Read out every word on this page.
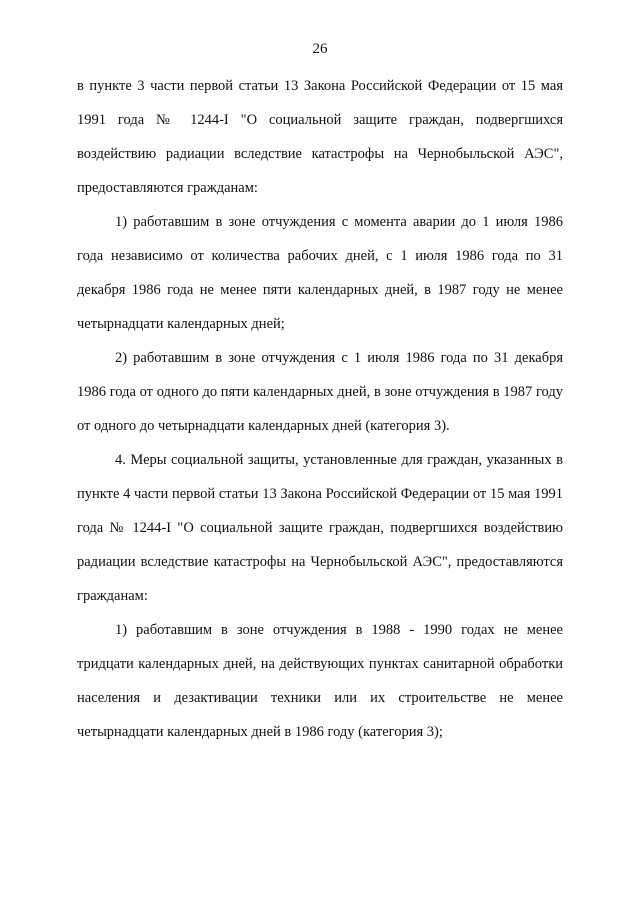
26

в пункте 3 части первой статьи 13 Закона Российской Федерации от 15 мая 1991 года № 1244-I "О социальной защите граждан, подвергшихся воздействию радиации вследствие катастрофы на Чернобыльской АЭС", предоставляются гражданам:

1) работавшим в зоне отчуждения с момента аварии до 1 июля 1986 года независимо от количества рабочих дней, с 1 июля 1986 года по 31 декабря 1986 года не менее пяти календарных дней, в 1987 году не менее четырнадцати календарных дней;

2) работавшим в зоне отчуждения с 1 июля 1986 года по 31 декабря 1986 года от одного до пяти календарных дней, в зоне отчуждения в 1987 году от одного до четырнадцати календарных дней (категория 3).

4. Меры социальной защиты, установленные для граждан, указанных в пункте 4 части первой статьи 13 Закона Российской Федерации от 15 мая 1991 года № 1244-I "О социальной защите граждан, подвергшихся воздействию радиации вследствие катастрофы на Чернобыльской АЭС", предоставляются гражданам:

1) работавшим в зоне отчуждения в 1988 - 1990 годах не менее тридцати календарных дней, на действующих пунктах санитарной обработки населения и дезактивации техники или их строительстве не менее четырнадцати календарных дней в 1986 году (категория 3);
